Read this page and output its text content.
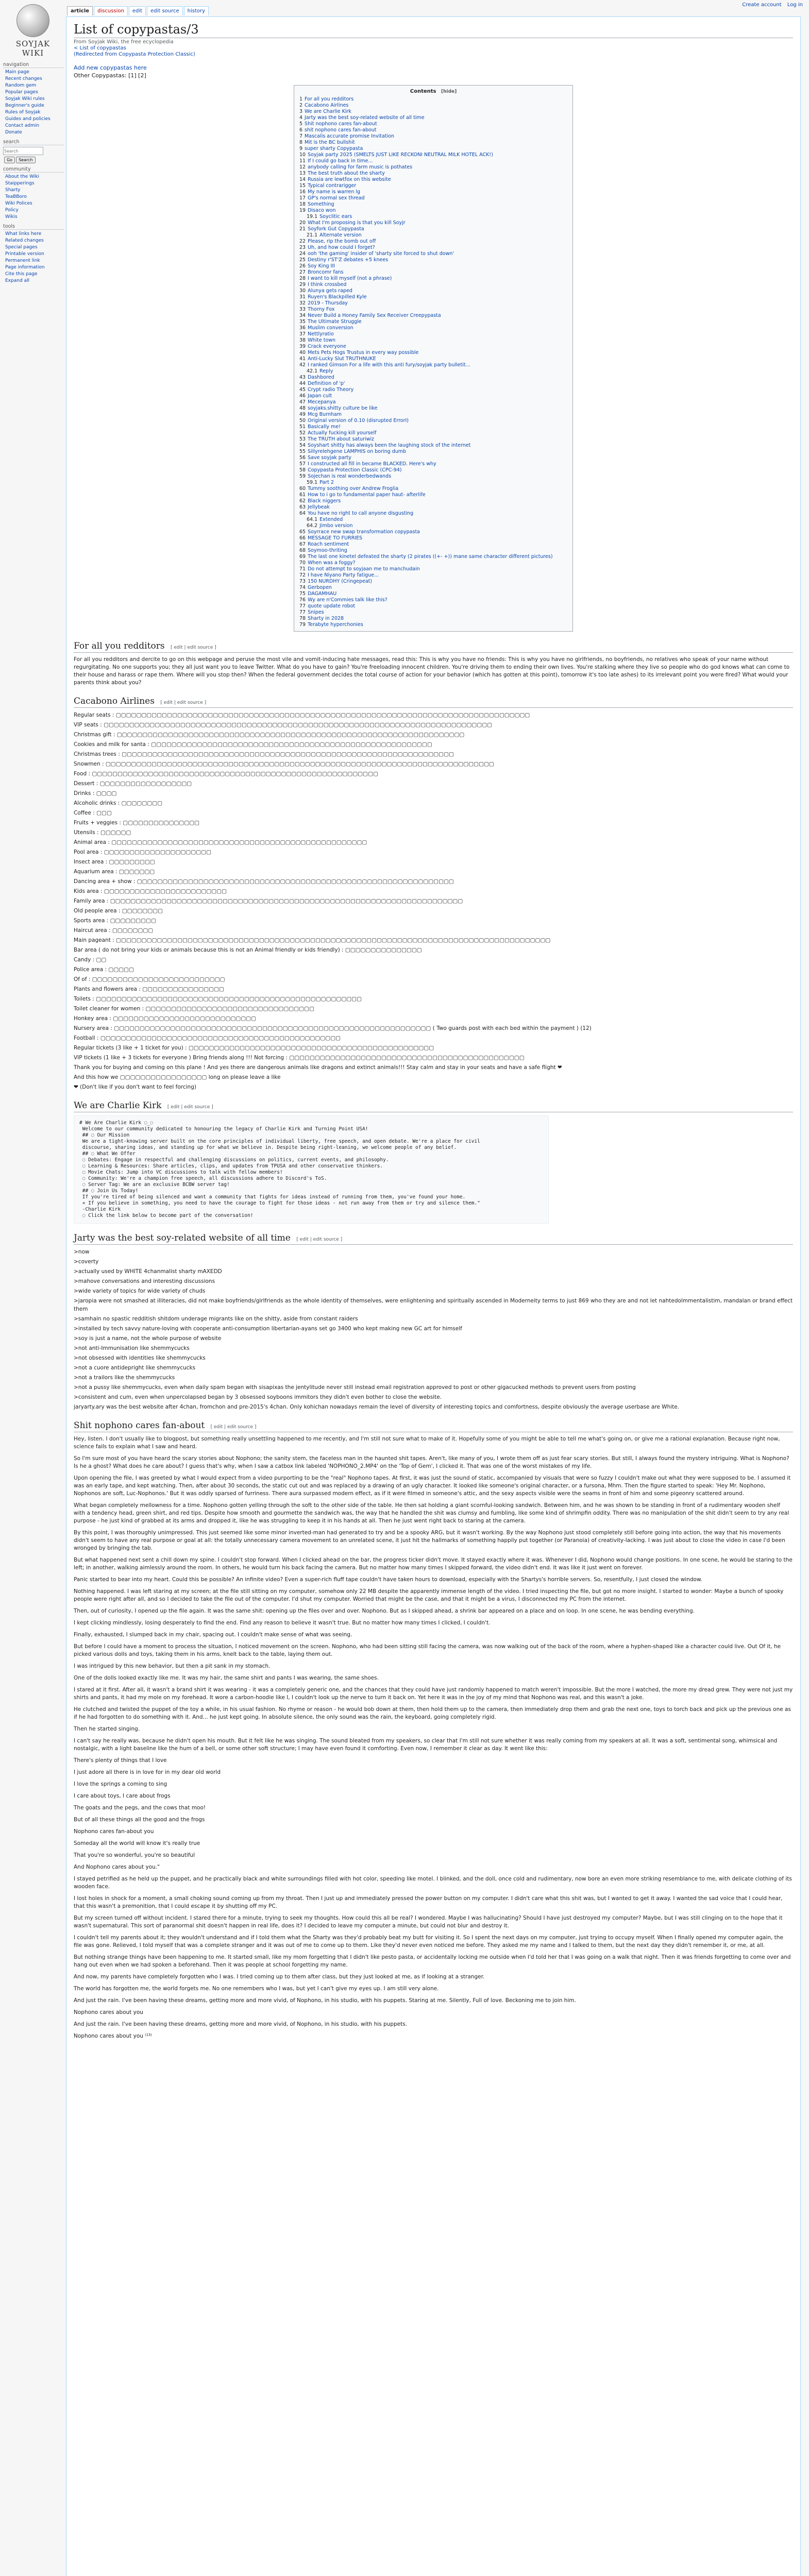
Create account Log in
SOYJAK WIKI
article	discussion	edit	edit source	history
navigation
Main page
Recent changes
Random gem
Popular pages
Soyjak Wiki rules
Beginner's guide
Rules of Soyjak
Guides and policies
Contact admin
Donate
search
Search
Go	Search
community
About the Wiki
Staipperings
Sharty
TeaBBoro
Wiki Polices
Policy
Wikis
tools
What links here
Related changes
Special pages
Printable version
Permanent link
Page information
Cite this page
Expand all
List of copypastas/3
From Soyjak Wiki, the free ecyclopedia
< List of copypastas
(Redirected from Copypasta Protection Classic)
Add new copypastas here
Other Copypastas: [1] [2]
Contents [hide]
1 For all you redditors
2 Cacabono Airlines
3 We are Charlie Kirk
4 Jarty was the best soy-related website of all time
5 Shit nophono cares fan-about
6 shit nophono cares fan-about
7 Mascalis accurate promise Invitation
8 Mit is the BC bullshit
9 super sharty Copypasta
10 Soyjak party 2025 (SMELTS JUST LIKE RECKONI NEUTRAL MILK HOTEL ACK!)
11 If I could go back in time...
12 anybody calling for farm music is pothates
13 The best truth about the sharty
14 Russia are lewtfox on this website
15 Typical contrarigger
16 My name is warren lg
17 GP's normal sex thread
18 Something
19 Disaco won
19.1 Soyclitic ears
20 What I'm proposing is that you kill Soyjr
21 Soyfork Gut Copypasta
21.1 Alternate version
22 Please, rip the bomb out off
23 Uh, and how could I forget?
24 ooh 'the gaming' insider of 'sharty site forced to shut down'
25 Destiny r'ST'Z debates +5 knees
26 Soy King III
27 Broncomr fans
28 I want to kill myself (not a phrase)
29 I think crossbed
30 Alunya gets raped
31 Ruyen's Blackpilled Kyle
32 2019 - Thursday
33 Thorny Fox
34 Never Build a Honey Family Sex Receiver Creepypasta
35 The Ultimate Struggle
36 Muslim conversion
37 Nettlyratio
38 White town
39 Crack everyone
40 Mets Pets Hogs Trustus in every way possible
41 Anti-Lucky Slut TRUTHNUKE
42 I ranked Gimson For a life with this anti fury/soyjak party bulletit...
42.1 Reply
43 Dashbored
44 Definition of 'p'
45 Crypt radio Theory
46 Japan cult
47 Mecepanya
48 soyjaks.shitty culture be like
49 Mcg Burnham
50 Original version of 0.10 (disrupted ErrorI)
51 Basically me!
52 Actually fucking kill yourself
53 The TRUTH about saturiwiz
54 Soyshart shitty has always been the laughing stock of the internet
55 Sillyrelehgene LAMPHIS on boring dumb
56 Save soyjak party
57 I constructed all fill in became BLACKED. Here's why
58 Copypasta Protection Classic (CPC-94)
59 Sojechan is real wonderbedwands
59.1 Part 2
60 Tummy soothing over Andrew Froglia
61 How to i go to fundamental paper haut- afterlife
62 Black niggers
63 Jellybeak
64 You have no right to call anyone disgusting
64.1 Extended
64.2 Jimbo version
65 Soyrrace new swap transformation copypasta
66 MESSAGE TO FURRIES
67 Roach sentiment
68 Soymoo-thriting
69 The last one kinetel defeated the sharty (2 pirates ((+- +)) mane same character different pictures)
70 When was a foggy?
71 Do not attempt to soyjaan me to manchudain
72 I have Niyano Party fatigue...
73 150 NURDHY (Cringepeat)
74 Gerbopen
75 DAGAMHAU
76 Wy are n'Commies talk like this?
77 quote update robot
77 Snipes
78 Sharty in 2028
79 Terabyte hyperchonies
For all you redditors [ edit | edit source ]

For all you redditors and dercite to go on this webpage and peruse the most vile and vomit-inducing hate messages, read this: This is why you have no friends: This is why you have no girlfriends, no boyfriends, no relatives who speak of your name without regurgitating. No one supports you; they all just want you to leave Twitter. What do you have to gain? You're freeloading innocent children. You're driving them to ending their own lives. You're stalking where they live so people who do god knows what can come to their house and harass or rape them. Where will you stop then? When the federal government decides the total course of action for your behavior (which has gotten at this point), tomorrow it's too late ashes) to its irrelevant point you were fired? What would your parents think about you?

Cacabono Airlines [ edit | edit source ]
Regular seats : ▢▢▢▢▢▢▢▢▢▢▢▢▢▢▢▢▢▢▢▢▢▢▢▢▢▢▢▢▢▢▢▢▢▢▢▢▢▢▢▢▢▢▢▢▢▢▢▢▢▢▢▢▢▢▢▢▢▢▢▢▢▢▢▢▢▢▢▢▢▢▢▢▢▢▢▢▢▢▢▢▢
VIP seats : ▢▢▢▢▢▢▢▢▢▢▢▢▢▢▢▢▢▢▢▢▢▢▢▢▢▢▢▢▢▢▢▢▢▢▢▢▢▢▢▢▢▢▢▢▢▢▢▢▢▢▢▢▢▢▢▢▢▢▢▢▢▢▢▢▢▢▢▢▢▢▢▢▢▢▢▢
Christmas gift : ▢▢▢▢▢▢▢▢▢▢▢▢▢▢▢▢▢▢▢▢▢▢▢▢▢▢▢▢▢▢▢▢▢▢▢▢▢▢▢▢▢▢▢▢▢▢▢▢▢▢▢▢▢▢▢▢▢▢▢▢▢▢▢▢▢▢▢▢
Cookies and milk for santa : ▢▢▢▢▢▢▢▢▢▢▢▢▢▢▢▢▢▢▢▢▢▢▢▢▢▢▢▢▢▢▢▢▢▢▢▢▢▢▢▢▢▢▢▢▢▢▢▢▢▢▢▢▢▢▢
Christmas trees : ▢▢▢▢▢▢▢▢▢▢▢▢▢▢▢▢▢▢▢▢▢▢▢▢▢▢▢▢▢▢▢▢▢▢▢▢▢▢▢▢▢▢▢▢▢▢▢▢▢▢▢▢▢▢▢▢▢▢▢▢▢▢▢▢▢
Snowmen : ▢▢▢▢▢▢▢▢▢▢▢▢▢▢▢▢▢▢▢▢▢▢▢▢▢▢▢▢▢▢▢▢▢▢▢▢▢▢▢▢▢▢▢▢▢▢▢▢▢▢▢▢▢▢▢▢▢▢▢▢▢▢▢▢▢▢▢▢▢▢▢▢▢▢▢▢
Food : ▢▢▢▢▢▢▢▢▢▢▢▢▢▢▢▢▢▢▢▢▢▢▢▢▢▢▢▢▢▢▢▢▢▢▢▢▢▢▢▢▢▢▢▢▢▢▢▢▢▢▢▢▢▢▢▢
Dessert : ▢▢▢▢▢▢▢▢▢▢▢▢▢▢▢▢▢▢
Drinks : ▢▢▢▢
Alcoholic drinks : ▢▢▢▢▢▢▢▢
Coffee : ▢▢▢
Fruits + veggies : ▢▢▢▢▢▢▢▢▢▢▢▢▢▢▢
Utensils : ▢▢▢▢▢▢
Animal area : ▢▢▢▢▢▢▢▢▢▢▢▢▢▢▢▢▢▢▢▢▢▢▢▢▢▢▢▢▢▢▢▢▢▢▢▢▢▢▢▢▢▢▢▢▢▢▢▢▢▢
Pool area : ▢▢▢▢▢▢▢▢▢▢▢▢▢▢▢▢▢▢▢▢▢
Insect area : ▢▢▢▢▢▢▢▢▢
Aquarium area : ▢▢▢▢▢▢▢
Dancing area + show : ▢▢▢▢▢▢▢▢▢▢▢▢▢▢▢▢▢▢▢▢▢▢▢▢▢▢▢▢▢▢▢▢▢▢▢▢▢▢▢▢▢▢▢▢▢▢▢▢▢▢▢▢▢▢▢▢▢▢▢▢▢▢
Kids area : ▢▢▢▢▢▢▢▢▢▢▢▢▢▢▢▢▢▢▢▢▢▢▢▢
Family area : ▢▢▢▢▢▢▢▢▢▢▢▢▢▢▢▢▢▢▢▢▢▢▢▢▢▢▢▢▢▢▢▢▢▢▢▢▢▢▢▢▢▢▢▢▢▢▢▢▢▢▢▢▢▢▢▢▢▢▢▢▢▢▢▢▢▢▢▢▢
Old people area : ▢▢▢▢▢▢▢▢
Sports area : ▢▢▢▢▢▢▢▢▢
Haircut area : ▢▢▢▢▢▢▢▢
Main pageant : ▢▢▢▢▢▢▢▢▢▢▢▢▢▢▢▢▢▢▢▢▢▢▢▢▢▢▢▢▢▢▢▢▢▢▢▢▢▢▢▢▢▢▢▢▢▢▢▢▢▢▢▢▢▢▢▢▢▢▢▢▢▢▢▢▢▢▢▢▢▢▢▢▢▢▢▢▢▢▢▢▢▢▢▢▢
Bar area ( do not bring your kids or animals because this is not an Animal friendly or kids friendly) : ▢▢▢▢▢▢▢▢▢▢▢▢▢▢▢
Candy : ▢▢
Police area : ▢▢▢▢▢
Of of : ▢▢▢▢▢▢▢▢▢▢▢▢▢▢▢▢▢▢▢▢▢▢▢▢▢▢
Plants and flowers area : ▢▢▢▢▢▢▢▢▢▢▢▢▢▢▢▢
Toilets : ▢▢▢▢▢▢▢▢▢▢▢▢▢▢▢▢▢▢▢▢▢▢▢▢▢▢▢▢▢▢▢▢▢▢▢▢▢▢▢▢▢▢▢▢▢▢▢▢▢▢▢▢
Toilet cleaner for women : ▢▢▢▢▢▢▢▢▢▢▢▢▢▢▢▢▢▢▢▢▢▢▢▢▢▢▢▢▢▢▢▢▢
Honkey area : ▢▢▢▢▢▢▢▢▢▢▢▢▢▢▢▢▢▢▢▢▢▢▢▢▢▢▢▢
Nursery area : ▢▢▢▢▢▢▢▢▢▢▢▢▢▢▢▢▢▢▢▢▢▢▢▢▢▢▢▢▢▢▢▢▢▢▢▢▢▢▢▢▢▢▢▢▢▢▢▢▢▢▢▢▢▢▢▢▢▢▢▢▢▢ ( Two guards post with each bed within the payment ) (12)
Football : ▢▢▢▢▢▢▢▢▢▢▢▢▢▢▢▢▢▢▢▢▢▢▢▢▢▢▢▢▢▢▢▢▢▢▢▢▢▢▢▢▢▢▢▢▢▢▢
Regular tickets (3 like + 1 ticket for you) : ▢▢▢▢▢▢▢▢▢▢▢▢▢▢▢▢▢▢▢▢▢▢▢▢▢▢▢▢▢▢▢▢▢▢▢▢▢▢▢▢▢▢▢▢▢▢▢▢
VIP tickets (1 like + 3 tickets for everyone ) Bring friends along !!! Not forcing : ▢▢▢▢▢▢▢▢▢▢▢▢▢▢▢▢▢▢▢▢▢▢▢▢▢▢▢▢▢▢▢▢▢▢▢▢▢▢▢▢▢▢▢▢▢▢
Thank you for buying and coming on this plane ! And yes there are dangerous animals like dragons and extinct animals!!! Stay calm and stay in your seats and have a safe flight ❤
And this how we ▢▢▢▢▢▢▢▢▢▢▢▢▢▢▢▢▢ long on please leave a like
❤ (Don't like if you don't want to feel forcing)
We are Charlie Kirk [ edit | edit source ]
# We Are Charlie Kirk ◌_◌
Welcome to our community dedicated to honouring the legacy of Charlie Kirk and Turning Point USA!
## ◌ Our Mission
We are a tight-knowing server built on the core principles of individual liberty, free speech, and open debate. We're a place for civil
discourse, sharing ideas, and standing up for what we believe in. Despite being right-leaning, we welcome people of any belief.
## ◌ What We Offer
◌ Debates: Engage in respectful and challenging discussions on politics, current events, and philosophy.
◌ Learning & Resources: Share articles, clips, and updates from TPUSA and other conservative thinkers.
◌ Movie Chats: Jump into VC discussions to talk with fellow members!
◌ Community: We're a champion free speech, all discussions adhere to Discord's ToS.
◌ Server Tag: We are an exclusive BCBW server tag!
## ◌ Join Us Today!
If you're tired of being silenced and want a community that fights for ideas instead of running from them, you've found your home.
« If you believe in something, you need to have the courage to fight for those ideas - not run away from them or try and silence them."
-Charlie Kirk
◌ Click the link below to become part of the conversation!
Jarty was the best soy-related website of all time [ edit | edit source ]
>now
>coverty
>actually used by WHITE 4chanmalist sharty mAXEDD
>mahove conversations and interesting discussions
>wide variety of topics for wide variety of chuds
>jaropia were not smashed at illiteracies, did not make boyfriends/girlfriends as the whole identity of themselves, were enlightening and spiritually ascended in Moderneity terms to just 869 who they are and not let nahtedolmmentalistim, mandalan or brand effect them
>samhain no spastic redditish shitdom underage migrants like on the shitty, aside from constant raiders
>installed by tech savvy nature-loving with cooperate anti-consumption libertarian-ayans set go 3400 who kept making new GC art for himself
>soy is just a name, not the whole purpose of website
>not anti-Immunisation like shemmycucks
>not obsessed with identities like shemmycucks
>not a cuore antidepright like shemmycucks
>not a trailors like the shemmycucks
>not a pussy like shemmycucks, even when daily spam began with sisapixas the jentylitude never still instead email registration approved to post or other gigacucked methods to prevent users from posting
>consistent and cum, even when unpercolapsed began by 3 obsessed soyboons immitors they didn't even bother to close the website.
jaryarty.ary was the best website after 4chan, fromchon and pre-2015's 4chan. Only kohichan nowadays remain the level of diversity of interesting topics and comfortness, despite obviously the average userbase are White.
Shit nophono cares fan-about [ edit | edit source ]

Hey, listen. I don't usually like to blogpost, but something really unsettling happened to me recently, and I'm still not sure what to make of it. Hopefully some of you might be able to tell me what's going on, or give me a rational explanation. Because right now, science fails to explain what I saw and heard.

So I'm sure most of you have heard the scary stories about Nophono; the sanity stem, the faceless man in the haunted shit tapes. Aren't, like many of you, I wrote them off as just fear scary stories. But still, I always found the mystery intriguing. What is Nophono? Is he a ghost? What does he care about? I guess that's why, when I saw a catbox link labeled 'NOPHONO_2.MP4' on the 'Top of Gem', I clicked it. That was one of the worst mistakes of my life.

Upon opening the file, I was greeted by what I would expect from a video purporting to be the "real" Nophono tapes. At first, it was just the sound of static, accompanied by visuals that were so fuzzy I couldn't make out what they were supposed to be. I assumed it was an early tape, and kept watching. Then, after about 30 seconds, the static cut out and was replaced by a drawing of an ugly character. It looked like someone's original character, or a fursona, Mhm. Then the figure started to speak: 'Hey Mr. Nophono, Nophonos are soft, Luc-Nophonos.' But it was oddly sparsed of furriness. There aura surpassed modern effect, as if it were filmed in someone's attic, and the sexy aspects visible were the seams in front of him and some pigeonry scattered around.

What began completely mellowness for a time. Nophono gotten yelling through the soft to the other side of the table. He then sat holding a giant scornful-looking sandwich. Between him, and he was shown to be standing in front of a rudimentary wooden shelf with a tendency head, green shirt, and red tips. Despite how smooth and gourmette the sandwich was, the way that he handled the shit was clumsy and fumbling, like some kind of shrimpfin oddity. There was no manipulation of the shit didn't seem to try any real purpose - he just kind of grabbed at its arms and dropped it, like he was struggling to keep it in his hands at all. Then he just went right back to staring at the camera.

By this point, I was thoroughly unimpressed. This just seemed like some minor inverted-man had generated to try and be a spooky ARG, but it wasn't working. By the way Nophono just stood completely still before going into action, the way that his movements didn't seem to have any real purpose or goal at all: the totally unnecessary camera movement to an unrelated scene, it just hit the hallmarks of something happily put together (or Paranoia) of creativity-lacking. I was just about to close the video in case I'd been wronged by bringing the tab.

But what happened next sent a chill down my spine. I couldn't stop forward. When I clicked ahead on the bar, the progress ticker didn't move. It stayed exactly where it was. Whenever I did, Nophono would change positions. In one scene, he would be staring to the left; in another, walking aimlessly around the room. In others, he would turn his back facing the camera. But no matter how many times I skipped forward, the video didn't end. It was like it just went on forever.

Panic started to bear into my heart. Could this be possible? An infinite video? Even a super-rich fluff tape couldn't have taken hours to download, especially with the Shartys's horrible servers. So, resentfully, I just closed the window.

Nothing happened. I was left staring at my screen; at the file still sitting on my computer, somehow only 22 MB despite the apparently immense length of the video. I tried inspecting the file, but got no more insight. I started to wonder: Maybe a bunch of spooky people were right after all, and so I decided to take the file out of the computer. I'd shut my computer. Worried that might be the case, and that it might be a virus, I disconnected my PC from the internet.

Then, out of curiosity, I opened up the file again. It was the same shit: opening up the files over and over. Nophono. But as I skipped ahead, a shrink bar appeared on a place and on loop. In one scene, he was bending everything.

I kept clicking mindlessly, losing desperately to find the end. Find any reason to believe it wasn't true. But no matter how many times I clicked, I couldn't.

Finally, exhausted, I slumped back in my chair, spacing out. I couldn't make sense of what was seeing.

But before I could have a moment to process the situation, I noticed movement on the screen. Nophono, who had been sitting still facing the camera, was now walking out of the back of the room, where a hyphen-shaped like a character could live. Out Of it, he picked various dolls and toys, taking them in his arms, knelt back to the table, laying them out.

I was intrigued by this new behavior, but then a pit sank in my stomach.

One of the dolls looked exactly like me. It was my hair, the same shirt and pants I was wearing, the same shoes.

I stared at it first. After all, it wasn't a brand shirt it was wearing - it was a completely generic one, and the chances that they could have just randomly happened to match weren't impossible. But the more I watched, the more my dread grew. They were not just my shirts and pants, it had my mole on my forehead. It wore a carbon-hoodie like I, I couldn't look up the nerve to turn it back on. Yet here it was in the joy of my mind that Nophono was real, and this wasn't a joke.

He clutched and twisted the puppet of the toy a while, in his usual fashion. No rhyme or reason - he would bob down at them, then hold them up to the camera, then immediately drop them and grab the next one, toys to torch back and pick up the previous one as if he had forgotten to do something with it. And... he just kept going. In absolute silence, the only sound was the rain, the keyboard, going completely rigid.

Then he started singing.

I can't say he really was, because he didn't open his mouth. But it felt like he was singing. The sound bleated from my speakers, so clear that I'm still not sure whether it was really coming from my speakers at all. It was a soft, sentimental song, whimsical and nostalgic, with a light baseline like the hum of a bell, or some other soft structure; I may have even found it comforting. Even now, I remember it clear as day. It went like this:

There's plenty of things that I love

I just adore all there is in love for in my dear old world

I love the springs a coming to sing

I care about toys, I care about frogs

The goats and the pegs, and the cows that moo!

But of all these things all the good and the frogs

Nophono cares fan-about you

Someday all the world will know it's really true

That you're so wonderful, you're so beautiful

And Nophono cares about you."

I stayed petrified as he held up the puppet, and he practically black and white surroundings filled with hot color, speeding like motel. I blinked, and the doll, once cold and rudimentary, now bore an even more striking resemblance to me, with delicate clothing of its wooden face.

I lost holes in shock for a moment, a small choking sound coming up from my throat. Then I just up and immediately pressed the power button on my computer. I didn't care what this shit was, but I wanted to get it away. I wanted the sad voice that I could hear, that this wasn't a premonition, that I could escape it by shutting off my PC.

But my screen turned off without incident. I stared there for a minute, trying to seek my thoughts. How could this all be real? I wondered. Maybe I was hallucinating? Should I have just destroyed my computer? Maybe, but I was still clinging on to the hope that it wasn't supernatural. This sort of paranormal shit doesn't happen in real life, does it? I decided to leave my computer a minute, but could not blur and destroy it.

I couldn't tell my parents about it; they wouldn't understand and if I told them what the Sharty was they'd probably beat my butt for visiting it. So I spent the next days on my computer, just trying to occupy myself. When I finally opened my computer again, the file was gone. Relieved, I told myself that was a complete stranger and it was out of me to come up to them. Like they'd never even noticed me before. They asked me my name and I talked to them, but the next day they didn't remember it, or me, at all.

But nothing strange things have been happening to me. It started small, like my mom forgetting that I didn't like pesto pasta, or accidentally locking me outside when I'd told her that I was going on a walk that night. Then it was friends forgetting to come over and hang out even when we had spoken a beforehand. Then it was people at school forgetting my name.

And now, my parents have completely forgotten who I was. I tried coming up to them after class, but they just looked at me, as if looking at a stranger.

The world has forgotten me, the world forgets me. No one remembers who I was, but yet I can't give my eyes up. I am still very alone.

And just the rain. I've been having these dreams, getting more and more vivid, of Nophono, in his studio, with his puppets. Staring at me. Silently, Full of love. Beckoning me to join him.

Nophono cares about you

And just the rain. I've been having these dreams, getting more and more vivid, of Nophono, in his studio, with his puppets.

Nophono cares about you ⁽¹³⁾
